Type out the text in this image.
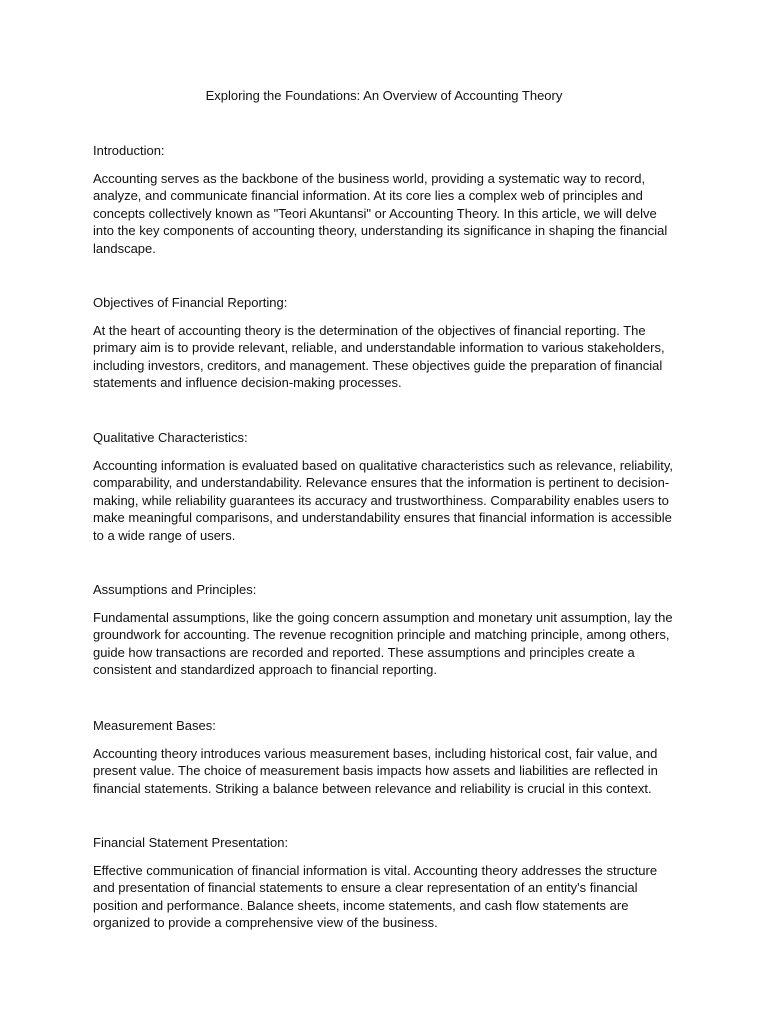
Exploring the Foundations: An Overview of Accounting Theory

Introduction:

Accounting serves as the backbone of the business world, providing a systematic way to record, analyze, and communicate financial information. At its core lies a complex web of principles and concepts collectively known as "Teori Akuntansi" or Accounting Theory. In this article, we will delve into the key components of accounting theory, understanding its significance in shaping the financial landscape.

Objectives of Financial Reporting:

At the heart of accounting theory is the determination of the objectives of financial reporting. The primary aim is to provide relevant, reliable, and understandable information to various stakeholders, including investors, creditors, and management. These objectives guide the preparation of financial statements and influence decision-making processes.

Qualitative Characteristics:

Accounting information is evaluated based on qualitative characteristics such as relevance, reliability, comparability, and understandability. Relevance ensures that the information is pertinent to decision-making, while reliability guarantees its accuracy and trustworthiness. Comparability enables users to make meaningful comparisons, and understandability ensures that financial information is accessible to a wide range of users.

Assumptions and Principles:

Fundamental assumptions, like the going concern assumption and monetary unit assumption, lay the groundwork for accounting. The revenue recognition principle and matching principle, among others, guide how transactions are recorded and reported. These assumptions and principles create a consistent and standardized approach to financial reporting.

Measurement Bases:

Accounting theory introduces various measurement bases, including historical cost, fair value, and present value. The choice of measurement basis impacts how assets and liabilities are reflected in financial statements. Striking a balance between relevance and reliability is crucial in this context.

Financial Statement Presentation:

Effective communication of financial information is vital. Accounting theory addresses the structure and presentation of financial statements to ensure a clear representation of an entity's financial position and performance. Balance sheets, income statements, and cash flow statements are organized to provide a comprehensive view of the business.
